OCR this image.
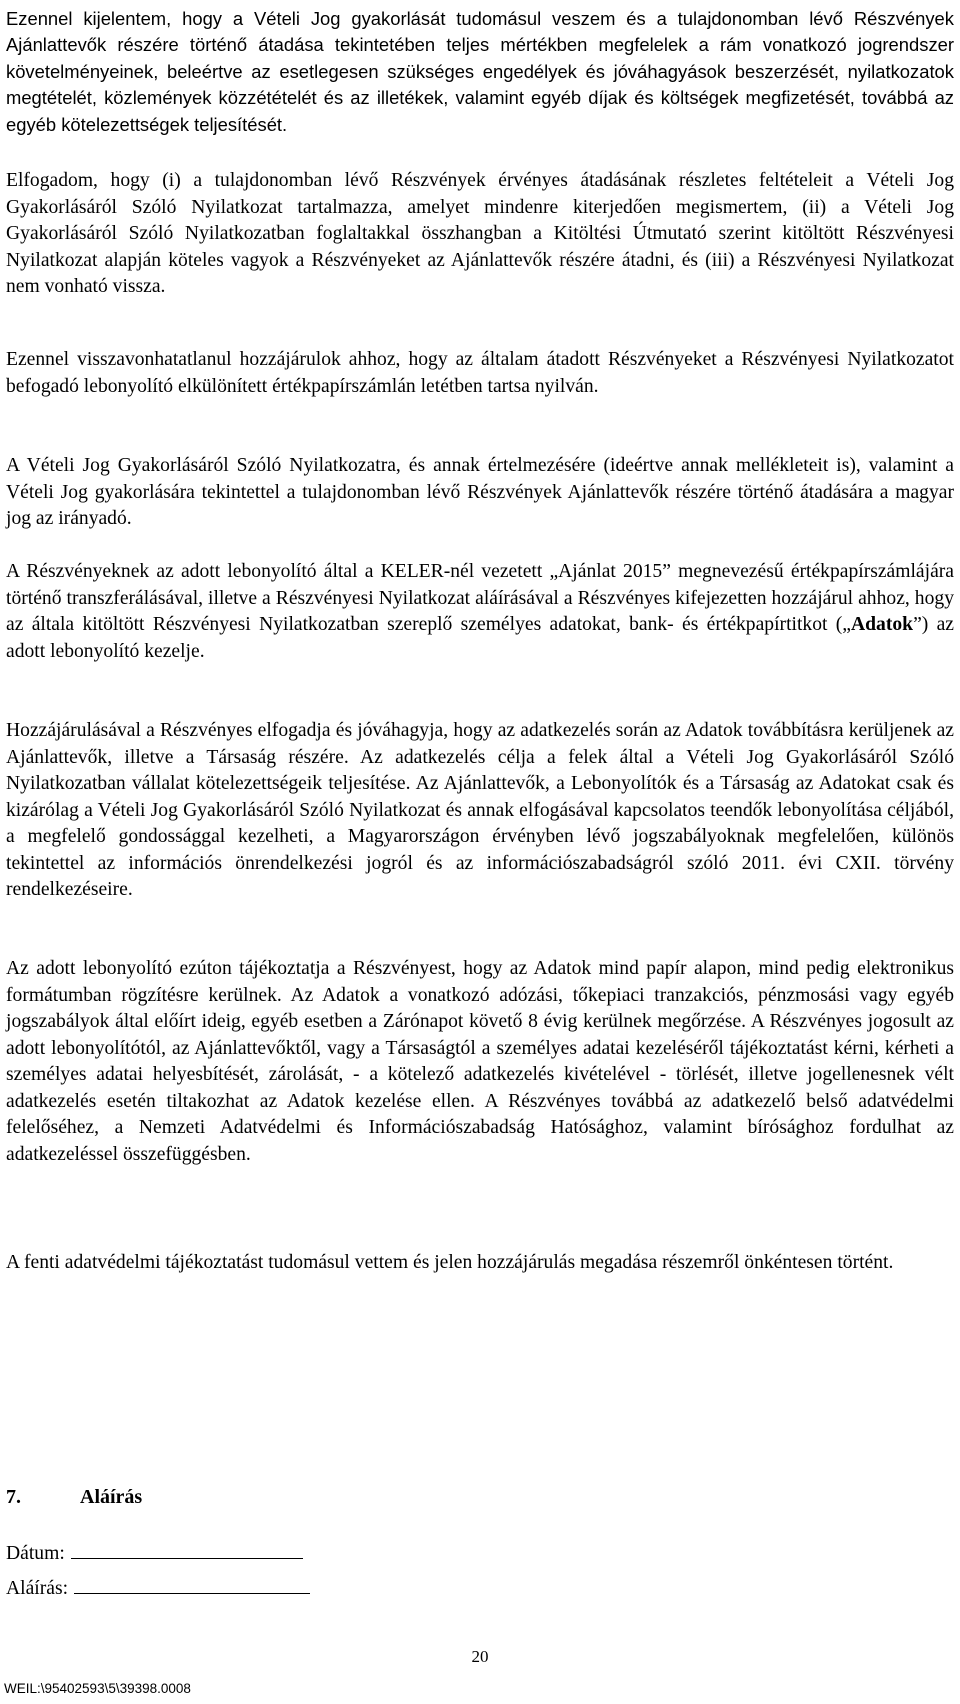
Ezennel kijelentem, hogy a Vételi Jog gyakorlását tudomásul veszem és a tulajdonomban lévő Részvények Ajánlattevők részére történő átadása tekintetében teljes mértékben megfelelek a rám vonatkozó jogrendszer követelményeinek, beleértve az esetlegesen szükséges engedélyek és jóváhagyások beszerzését, nyilatkozatok megtételét, közlemények közzétételét és az illetékek, valamint egyéb díjak és költségek megfizetését, továbbá az egyéb kötelezettségek teljesítését.

Elfogadom, hogy (i) a tulajdonomban lévő Részvények érvényes átadásának részletes feltételeit a Vételi Jog Gyakorlásáról Szóló Nyilatkozat tartalmazza, amelyet mindenre kiterjedően megismertem, (ii) a Vételi Jog Gyakorlásáról Szóló Nyilatkozatban foglaltakkal összhangban a Kitöltési Útmutató szerint kitöltött Részvényesi Nyilatkozat alapján köteles vagyok a Részvényeket az Ajánlattevők részére átadni, és (iii) a Részvényesi Nyilatkozat nem vonható vissza.

Ezennel visszavonhatatlanul hozzájárulok ahhoz, hogy az általam átadott Részvényeket a Részvényesi Nyilatkozatot befogadó lebonyolító elkülönített értékpapírszámlán letétben tartsa nyilván.

A Vételi Jog Gyakorlásáról Szóló Nyilatkozatra, és annak értelmezésére (ideértve annak mellékleteit is), valamint a Vételi Jog gyakorlására tekintettel a tulajdonomban lévő Részvények Ajánlattevők részére történő átadására a magyar jog az irányadó.

A Részvényeknek az adott lebonyolító által a KELER-nél vezetett „Ajánlat 2015” megnevezésű értékpapírszámlájára történő transzferálásával, illetve a Részvényesi Nyilatkozat aláírásával a Részvényes kifejezetten hozzájárul ahhoz, hogy az általa kitöltött Részvényesi Nyilatkozatban szereplő személyes adatokat, bank- és értékpapírtitkot („Adatok”) az adott lebonyolító kezelje.

Hozzájárulásával a Részvényes elfogadja és jóváhagyja, hogy az adatkezelés során az Adatok továbbításra kerüljenek az Ajánlattevők, illetve a Társaság részére. Az adatkezelés célja a felek által a Vételi Jog Gyakorlásáról Szóló Nyilatkozatban vállalat kötelezettségeik teljesítése. Az Ajánlattevők, a Lebonyolítók és a Társaság az Adatokat csak és kizárólag a Vételi Jog Gyakorlásáról Szóló Nyilatkozat és annak elfogásával kapcsolatos teendők lebonyolítása céljából, a megfelelő gondossággal kezelheti, a Magyarországon érvényben lévő jogszabályoknak megfelelően, különös tekintettel az információs önrendelkezési jogról és az információszabadságról szóló 2011. évi CXII. törvény rendelkezéseire.

Az adott lebonyolító ezúton tájékoztatja a Részvényest, hogy az Adatok mind papír alapon, mind pedig elektronikus formátumban rögzítésre kerülnek. Az Adatok a vonatkozó adózási, tőkepiaci tranzakciós, pénzmosási vagy egyéb jogszabályok által előírt ideig, egyéb esetben a Zárónapot követő 8 évig kerülnek megőrzése. A Részvényes jogosult az adott lebonyolítótól, az Ajánlattevőktől, vagy a Társaságtól a személyes adatai kezeléséről tájékoztatást kérni, kérheti a személyes adatai helyesbítését, zárolását, - a kötelező adatkezelés kivételével - törlését, illetve jogellenesnek vélt adatkezelés esetén tiltakozhat az Adatok kezelése ellen. A Részvényes továbbá az adatkezelő belső adatvédelmi felelőséhez, a Nemzeti Adatvédelmi és Információszabadság Hatósághoz, valamint bírósághoz fordulhat az adatkezeléssel összefüggésben.

A fenti adatvédelmi tájékoztatást tudomásul vettem és jelen hozzájárulás megadása részemről önkéntesen történt.

7.	Aláírás
Dátum:
Aláírás:
20
WEIL:\95402593\5\39398.0008
